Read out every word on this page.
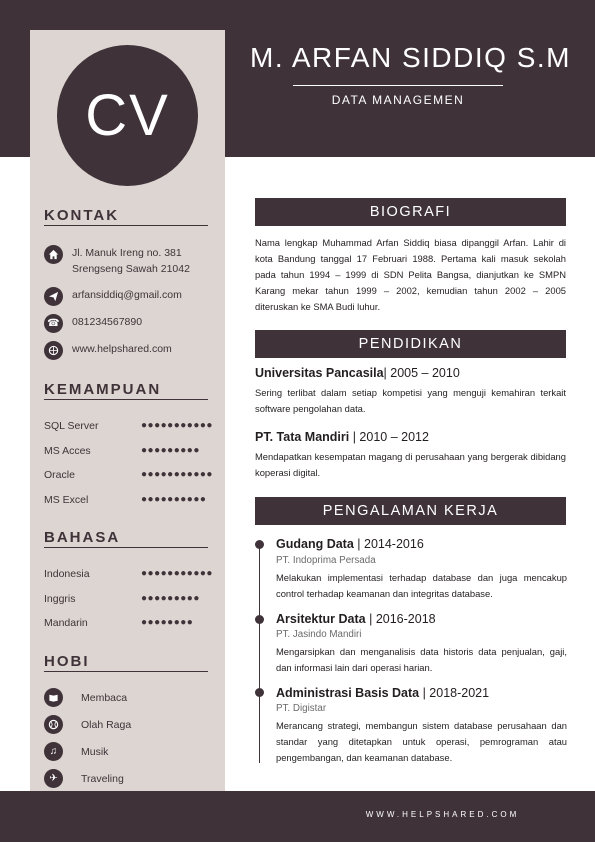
CV
M. ARFAN SIDDIQ S.M
DATA MANAGEMEN
KONTAK
Jl. Manuk Ireng no. 381
Srengseng Sawah 21042
arfansiddiq@gmail.com
☎	081234567890
www.helpshared.com
KEMAMPUAN
SQL Server	●●●●●●●●●●●
MS Acces	●●●●●●●●●
Oracle	●●●●●●●●●●●
MS Excel	●●●●●●●●●●
BAHASA
Indonesia	●●●●●●●●●●●
Inggris	●●●●●●●●●
Mandarin	●●●●●●●●
HOBI
Membaca
Olah Raga
♫	Musik
✈	Traveling
BIOGRAFI
Nama lengkap Muhammad Arfan Siddiq biasa dipanggil Arfan. Lahir di kota Bandung tanggal 17 Februari 1988. Pertama kali masuk sekolah pada tahun 1994 – 1999 di SDN Pelita Bangsa, dianjutkan ke SMPN Karang mekar tahun 1999 – 2002, kemudian tahun 2002 – 2005 diteruskan ke SMA Budi luhur.
PENDIDIKAN
Universitas Pancasila| 2005 – 2010
Sering terlibat dalam setiap kompetisi yang menguji kemahiran terkait software pengolahan data.
PT. Tata Mandiri | 2010 – 2012
Mendapatkan kesempatan magang di perusahaan yang bergerak dibidang koperasi digital.
PENGALAMAN KERJA
Gudang Data | 2014-2016
PT. Indoprima Persada
Melakukan implementasi terhadap database dan juga mencakup control terhadap keamanan dan integritas database.
Arsitektur Data | 2016-2018
PT. Jasindo Mandiri
Mengarsipkan dan menganalisis data historis data penjualan, gaji, dan informasi lain dari operasi harian.
Administrasi Basis Data | 2018-2021
PT. Digistar
Merancang strategi, membangun sistem database perusahaan dan standar yang ditetapkan untuk operasi, pemrograman atau pengembangan, dan keamanan database.
WWW.HELPSHARED.COM
